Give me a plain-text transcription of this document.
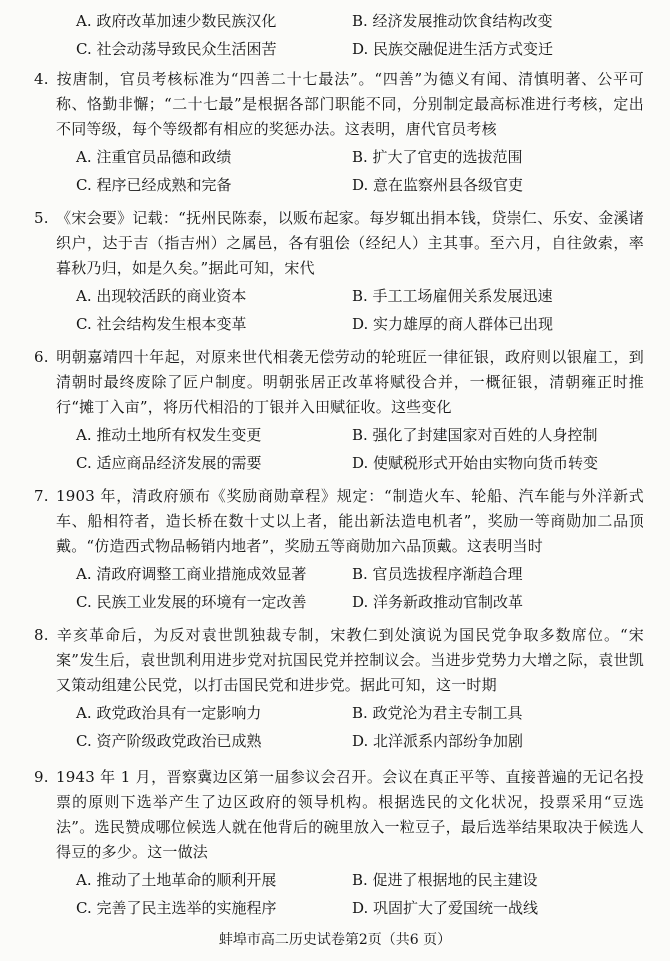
A. 政府改革加速少数民族汉化	B. 经济发展推动饮食结构改变
C. 社会动荡导致民众生活困苦	D. 民族交融促进生活方式变迁

4. 按唐制，官员考核标准为“四善二十七最法”。“四善”为德义有闻、清慎明著、公平可称、恪勤非懈；“二十七最”是根据各部门职能不同，分别制定最高标准进行考核，定出不同等级，每个等级都有相应的奖惩办法。这表明，唐代官员考核

A. 注重官员品德和政绩	B. 扩大了官吏的选拔范围
C. 程序已经成熟和完备	D. 意在监察州县各级官吏

5. 《宋会要》记载：“抚州民陈泰，以贩布起家。每岁辄出捐本钱，贷崇仁、乐安、金溪诸织户，达于吉（指吉州）之属邑，各有驵侩（经纪人）主其事。至六月，自往敛索，率暮秋乃归，如是久矣。”据此可知，宋代

A. 出现较活跃的商业资本	B. 手工工场雇佣关系发展迅速
C. 社会结构发生根本变革	D. 实力雄厚的商人群体已出现

6. 明朝嘉靖四十年起，对原来世代相袭无偿劳动的轮班匠一律征银，政府则以银雇工，到清朝时最终废除了匠户制度。明朝张居正改革将赋役合并，一概征银，清朝雍正时推行“摊丁入亩”，将历代相沿的丁银并入田赋征收。这些变化

A. 推动土地所有权发生变更	B. 强化了封建国家对百姓的人身控制
C. 适应商品经济发展的需要	D. 使赋税形式开始由实物向货币转变

7. 1903 年，清政府颁布《奖励商勋章程》规定：“制造火车、轮船、汽车能与外洋新式车、船相符者，造长桥在数十丈以上者，能出新法造电机者”，奖励一等商勋加二品顶戴。“仿造西式物品畅销内地者”，奖励五等商勋加六品顶戴。这表明当时

A. 清政府调整工商业措施成效显著	B. 官员选拔程序渐趋合理
C. 民族工业发展的环境有一定改善	D. 洋务新政推动官制改革

8. 辛亥革命后，为反对袁世凯独裁专制，宋教仁到处演说为国民党争取多数席位。“宋案”发生后，袁世凯利用进步党对抗国民党并控制议会。当进步党势力大增之际，袁世凯又策动组建公民党，以打击国民党和进步党。据此可知，这一时期

A. 政党政治具有一定影响力	B. 政党沦为君主专制工具
C. 资产阶级政党政治已成熟	D. 北洋派系内部纷争加剧

9. 1943 年 1 月，晋察冀边区第一届参议会召开。会议在真正平等、直接普遍的无记名投票的原则下选举产生了边区政府的领导机构。根据选民的文化状况，投票采用“豆选法”。选民赞成哪位候选人就在他背后的碗里放入一粒豆子，最后选举结果取决于候选人得豆的多少。这一做法

A. 推动了土地革命的顺利开展	B. 促进了根据地的民主建设
C. 完善了民主选举的实施程序	D. 巩固扩大了爱国统一战线
蚌埠市高二历史试卷第2页（共6 页）
